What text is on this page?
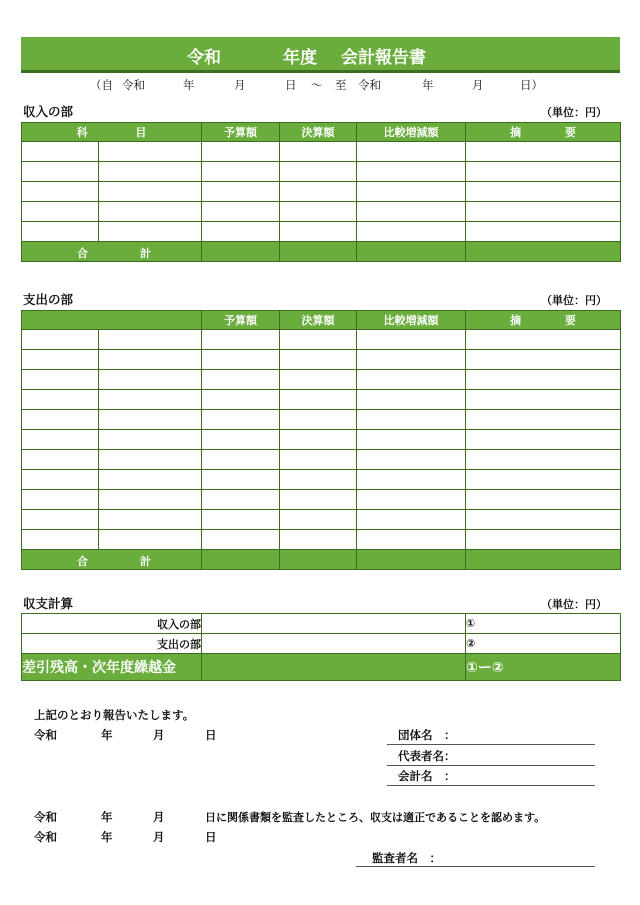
令和	年度 会計報告書
（自 令和	年	月	日 〜 至 令和	年	月	日）
収入の部	（単位：円）
科 目		予算額	決算額	比較増減額	摘 要

合 計					

支出の部	（単位：円）
		予算額	決算額	比較増減額	摘 要

合 計					

収支計算	（単位：円）
収入の部		①
支出の部		②
差引残高・次年度繰越金		①ー②
上記のとおり報告いたします。
令和	年	月	日	団体名　：
代表者名：
会計名　：
令和	年	月	日に関係書類を監査したところ、収支は適正であることを認めます。
令和	年	月	日
監査者名　：
